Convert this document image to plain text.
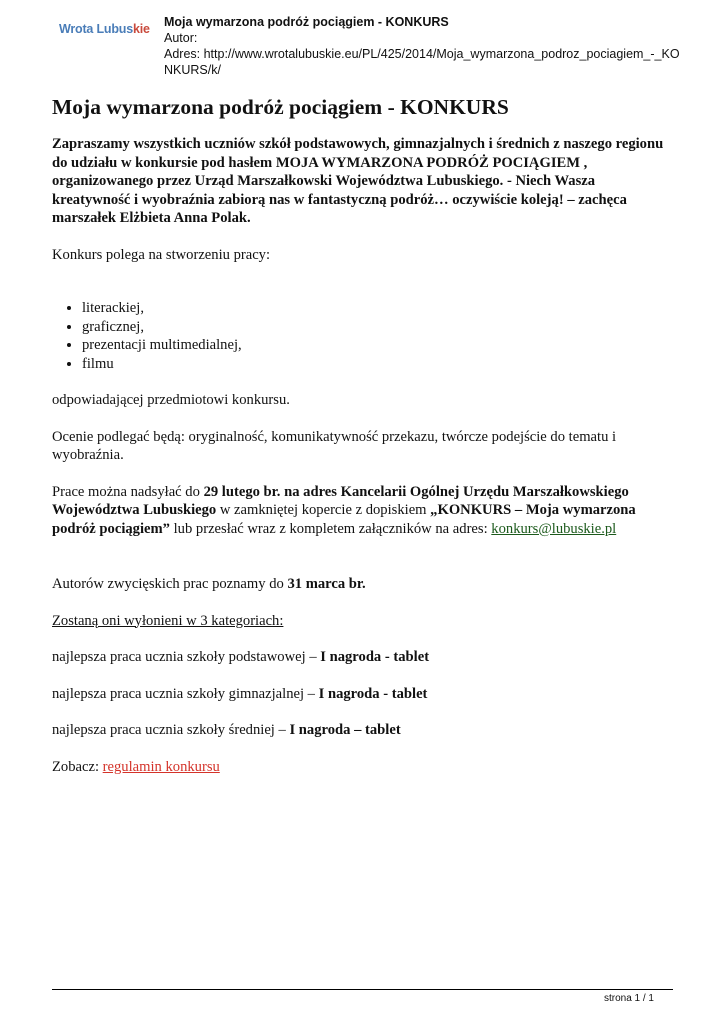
Wrota Lubuskie Moja wymarzona podróż pociągiem - KONKURS
Autor:
Adres: http://www.wrotalubuskie.eu/PL/425/2014/Moja_wymarzona_podroz_pociagiem_-_KONKURS/k/
Moja wymarzona podróż pociągiem - KONKURS

Zapraszamy wszystkich uczniów szkół podstawowych, gimnazjalnych i średnich z naszego regionu do udziału w konkursie pod hasłem MOJA WYMARZONA PODRÓŻ POCIĄGIEM , organizowanego przez Urząd Marszałkowski Województwa Lubuskiego. - Niech Wasza kreatywność i wyobraźnia zabiorą nas w fantastyczną podróż… oczywiście koleją! – zachęca marszałek Elżbieta Anna Polak.

Konkurs polega na stworzeniu pracy:

• literackiej,
• graficznej,
• prezentacji multimedialnej,
• filmu

odpowiadającej przedmiotowi konkursu.

Ocenie podlegać będą: oryginalność, komunikatywność przekazu, twórcze podejście do tematu i wyobraźnia.

Prace można nadsyłać do 29 lutego br. na adres Kancelarii Ogólnej Urzędu Marszałkowskiego Województwa Lubuskiego w zamkniętej kopercie z dopiskiem „KONKURS – Moja wymarzona podróż pociągiem” lub przesłać wraz z kompletem załączników na adres: konkurs@lubuskie.pl

Autorów zwycięskich prac poznamy do 31 marca br.

Zostaną oni wyłonieni w 3 kategoriach:

najlepsza praca ucznia szkoły podstawowej – I nagroda - tablet

najlepsza praca ucznia szkoły gimnazjalnej – I nagroda - tablet

najlepsza praca ucznia szkoły średniej – I nagroda – tablet

Zobacz: regulamin konkursu

strona 1 / 1
